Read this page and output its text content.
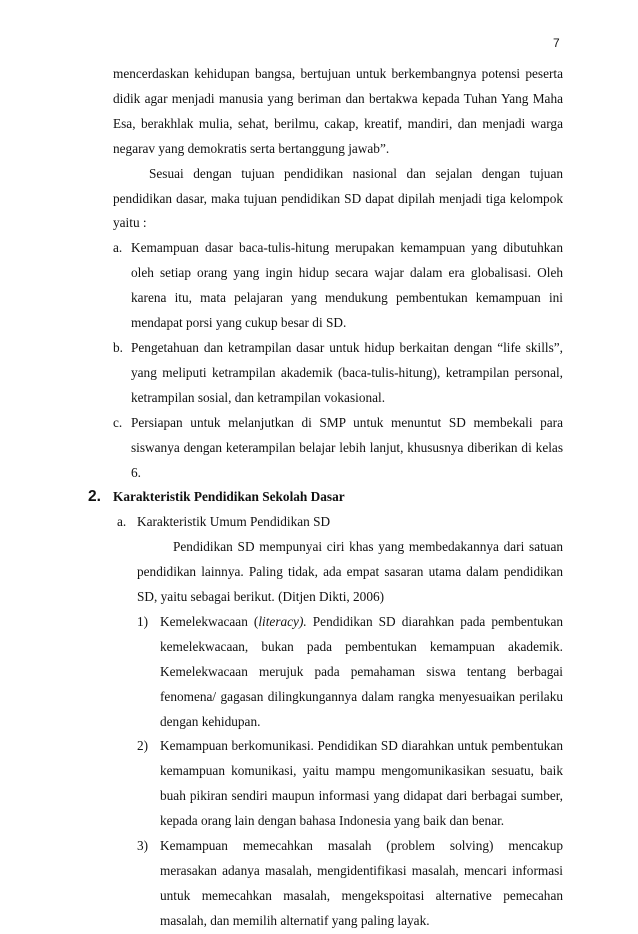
7

mencerdaskan kehidupan bangsa, bertujuan untuk berkembangnya potensi peserta didik agar menjadi manusia yang beriman dan bertakwa kepada Tuhan Yang Maha Esa, berakhlak mulia, sehat, berilmu, cakap, kreatif, mandiri, dan menjadi warga negarav yang demokratis serta bertanggung jawab”.

Sesuai dengan tujuan pendidikan nasional dan sejalan dengan tujuan pendidikan dasar, maka tujuan pendidikan SD dapat dipilah menjadi tiga kelompok yaitu :

a. Kemampuan dasar baca-tulis-hitung merupakan kemampuan yang dibutuhkan oleh setiap orang yang ingin hidup secara wajar dalam era globalisasi. Oleh karena itu, mata pelajaran yang mendukung pembentukan kemampuan ini mendapat porsi yang cukup besar di SD.
b. Pengetahuan dan ketrampilan dasar untuk hidup berkaitan dengan “life skills”, yang meliputi ketrampilan akademik (baca-tulis-hitung), ketrampilan personal, ketrampilan sosial, dan ketrampilan vokasional.
c. Persiapan untuk melanjutkan di SMP untuk menuntut SD membekali para siswanya dengan keterampilan belajar lebih lanjut, khususnya diberikan di kelas 6.
2. Karakteristik Pendidikan Sekolah Dasar
a. Karakteristik Umum Pendidikan SD

Pendidikan SD mempunyai ciri khas yang membedakannya dari satuan pendidikan lainnya. Paling tidak, ada empat sasaran utama dalam pendidikan SD, yaitu sebagai berikut. (Ditjen Dikti, 2006)

1) Kemelekwacaan (literacy). Pendidikan SD diarahkan pada pembentukan kemelekwacaan, bukan pada pembentukan kemampuan akademik. Kemelekwacaan merujuk pada pemahaman siswa tentang berbagai fenomena/ gagasan dilingkungannya dalam rangka menyesuaikan perilaku dengan kehidupan.
2) Kemampuan berkomunikasi. Pendidikan SD diarahkan untuk pembentukan kemampuan komunikasi, yaitu mampu mengomunikasikan sesuatu, baik buah pikiran sendiri maupun informasi yang didapat dari berbagai sumber, kepada orang lain dengan bahasa Indonesia yang baik dan benar.
3) Kemampuan memecahkan masalah (problem solving) mencakup merasakan adanya masalah, mengidentifikasi masalah, mencari informasi untuk memecahkan masalah, mengekspoitasi alternative pemecahan masalah, dan memilih alternatif yang paling layak.
